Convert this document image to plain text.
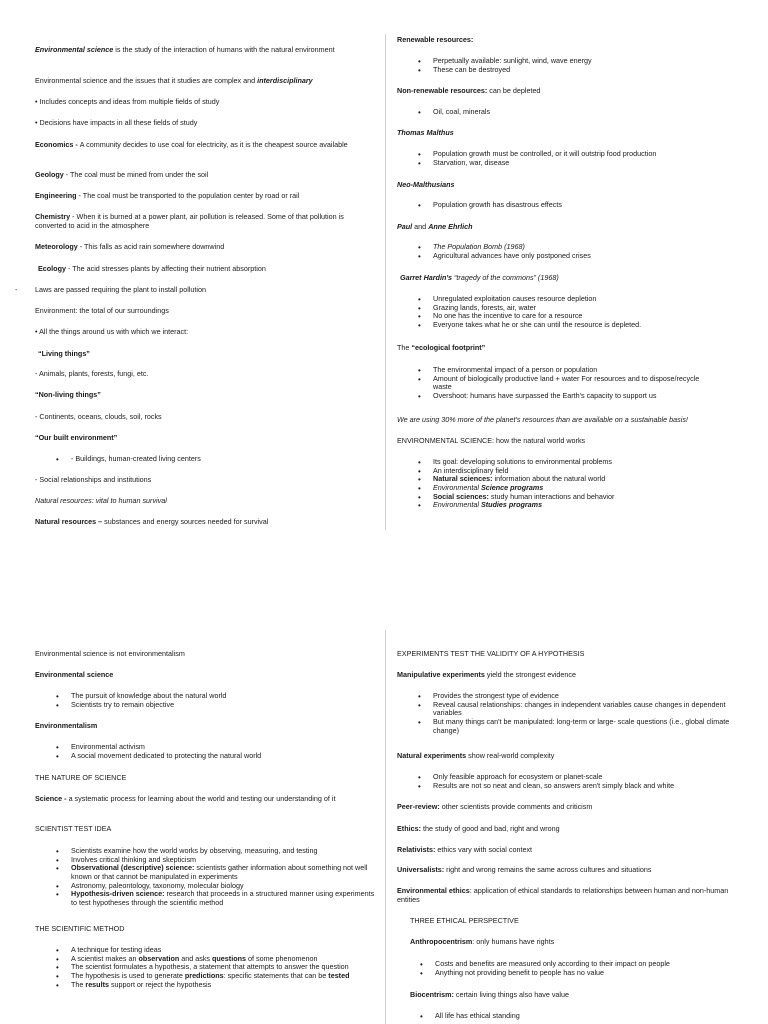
Environmental science is the study of the interaction of humans with the natural environment

Environmental science and the issues that it studies are complex and interdisciplinary

• Includes concepts and ideas from multiple fields of study

• Decisions have impacts in all these fields of study

Economics - A community decides to use coal for electricity, as it is the cheapest source available

Geology - The coal must be mined from under the soil

Engineering - The coal must be transported to the population center by road or rail

Chemistry - When it is burned at a power plant, air pollution is released. Some of that pollution is converted to acid in the atmosphere

Meteorology - This falls as acid rain somewhere downwind

Ecology - The acid stresses plants by affecting their nutrient absorption

- Laws are passed requiring the plant to install pollution

Environment: the total of our surroundings

• All the things around us with which we interact:

“Living things”

- Animals, plants, forests, fungi, etc.

“Non-living things”

- Continents, oceans, clouds, soil, rocks

“Our built environment”

• - Buildings, human-created living centers

- Social relationships and institutions

Natural resources: vital to human survival

Natural resources – substances and energy sources needed for survival

Renewable resources:

• Perpetually available: sunlight, wind, wave energy
• These can be destroyed

Non-renewable resources: can be depleted

• Oil, coal, minerals

Thomas Malthus

• Population growth must be controlled, or it will outstrip food production
• Starvation, war, disease

Neo-Malthusians

• Population growth has disastrous effects

Paul and Anne Ehrlich

• The Population Bomb (1968)
• Agricultural advances have only postponed crises

Garret Hardin's “tragedy of the commons” (1968)

• Unregulated exploitation causes resource depletion
• Grazing lands, forests, air, water
• No one has the incentive to care for a resource
• Everyone takes what he or she can until the resource is depleted.

The “ecological footprint”

• The environmental impact of a person or population
• Amount of biologically productive land + water For resources and to dispose/recycle waste
• Overshoot: humans have surpassed the Earth's capacity to support us

We are using 30% more of the planet's resources than are available on a sustainable basis!

ENVIRONMENTAL SCIENCE: how the natural world works

• Its goal: developing solutions to environmental problems
• An interdisciplinary field
• Natural sciences: information about the natural world
• Environmental Science programs
• Social sciences: study human interactions and behavior
• Environmental Studies programs

Environmental science is not environmentalism

Environmental science

• The pursuit of knowledge about the natural world
• Scientists try to remain objective

Environmentalism

• Environmental activism
• A social movement dedicated to protecting the natural world

THE NATURE OF SCIENCE

Science - a systematic process for learning about the world and testing our understanding of it

SCIENTIST TEST IDEA

• Scientists examine how the world works by observing, measuring, and testing
• Involves critical thinking and skepticism
• Observational (descriptive) science: scientists gather information about something not well known or that cannot be manipulated in experiments
• Astronomy, paleontology, taxonomy, molecular biology
• Hypothesis-driven science: research that proceeds in a structured manner using experiments to test hypotheses through the scientific method

THE SCIENTIFIC METHOD

• A technique for testing ideas
• A scientist makes an observation and asks questions of some phenomenon
• The scientist formulates a hypothesis, a statement that attempts to answer the question
• The hypothesis is used to generate predictions: specific statements that can be tested
• The results support or reject the hypothesis

EXPERIMENTS TEST THE VALIDITY OF A HYPOTHESIS

Manipulative experiments yield the strongest evidence

• Provides the strongest type of evidence
• Reveal causal relationships: changes in independent variables cause changes in dependent variables
• But many things can't be manipulated: long-term or large- scale questions (i.e., global climate change)

Natural experiments show real-world complexity

• Only feasible approach for ecosystem or planet-scale
• Results are not so neat and clean, so answers aren't simply black and white

Peer-review: other scientists provide comments and criticism

Ethics: the study of good and bad, right and wrong

Relativists: ethics vary with social context

Universalists: right and wrong remains the same across cultures and situations

Environmental ethics: application of ethical standards to relationships between human and non-human entities

THREE ETHICAL PERSPECTIVE

Anthropocentrism: only humans have rights

• Costs and benefits are measured only according to their impact on people
• Anything not providing benefit to people has no value

Biocentrism: certain living things also have value

• All life has ethical standing
